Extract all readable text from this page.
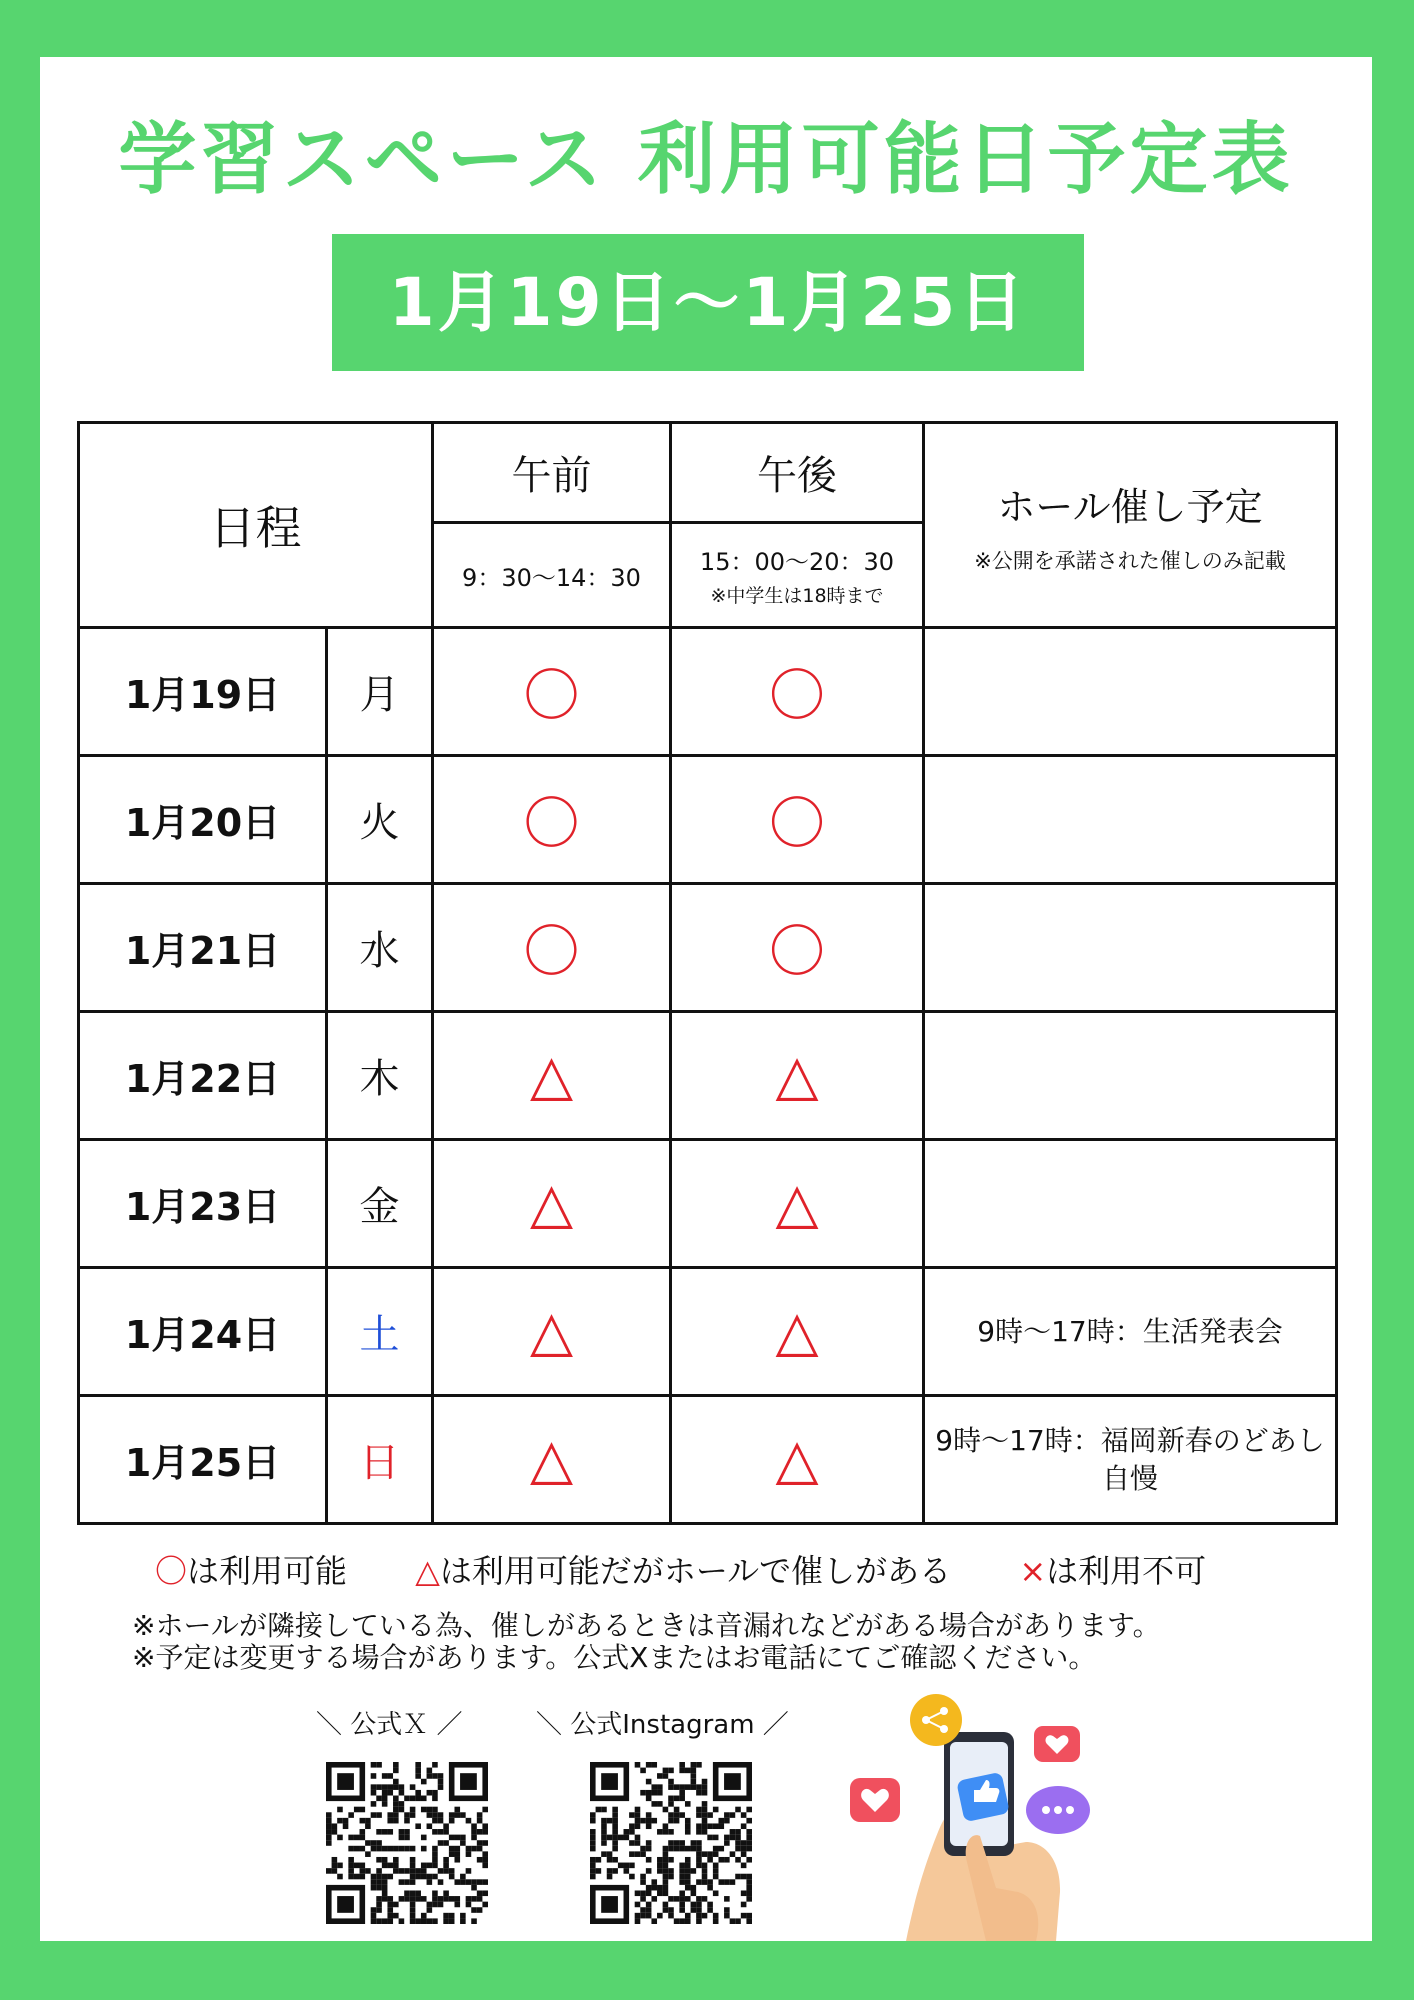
学習スペース 利用可能日予定表
1月19日～1月25日
日程		午前	午後	ホール催し予定
※公開を承諾された催しのみ記載

		9：30～14：30	15：00～20：30
※中学生は18時まで	

1月19日	月	〇	〇	
1月20日	火	〇	〇	
1月21日	水	〇	〇	
1月22日	木	△	△	
1月23日	金	△	△	
1月24日	土	△	△	9時～17時：生活発表会
1月25日	日	△	△	9時～17時：福岡新春のどあし自慢
〇は利用可能 △は利用可能だがホールで催しがある ×は利用不可
※ホールが隣接している為、催しがあるときは音漏れなどがある場合があります。
※予定は変更する場合があります。公式Xまたはお電話にてご確認ください。
＼ 公式Ｘ ／	＼ 公式Instagram ／
